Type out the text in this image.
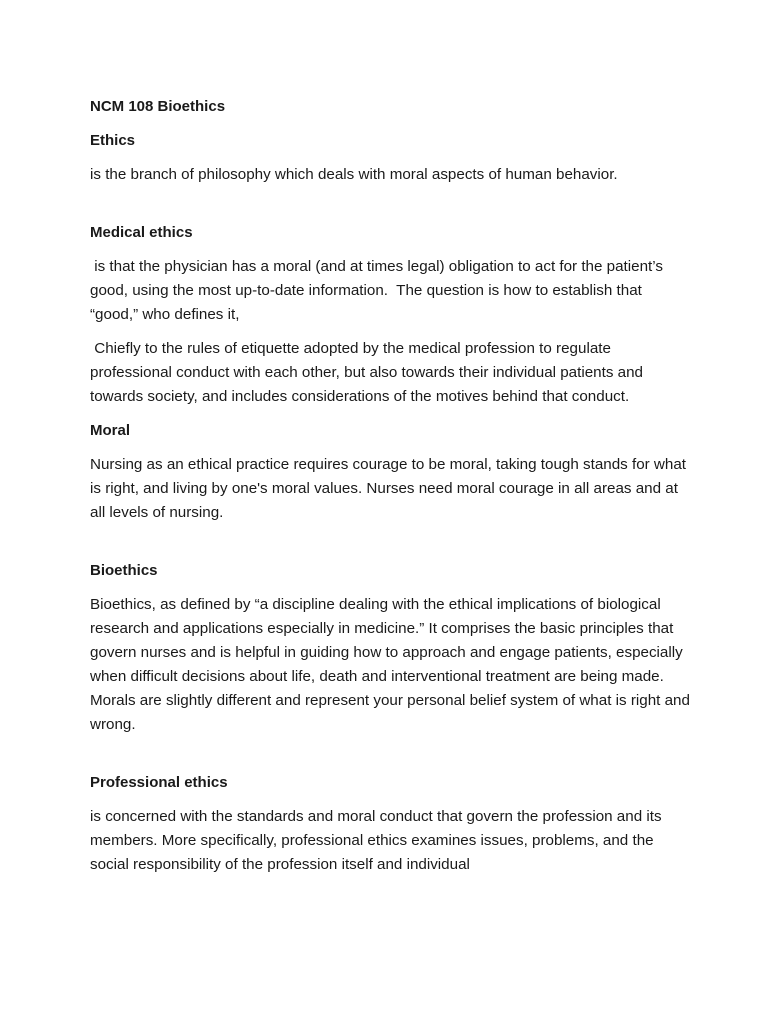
NCM 108 Bioethics

Ethics

is the branch of philosophy which deals with moral aspects of human behavior.

Medical ethics

is that the physician has a moral (and at times legal) obligation to act for the patient’s good, using the most up-to-date information.  The question is how to establish that “good,” who defines it,

Chiefly to the rules of etiquette adopted by the medical profession to regulate professional conduct with each other, but also towards their individual patients and towards society, and includes considerations of the motives behind that conduct.

Moral

Nursing as an ethical practice requires courage to be moral, taking tough stands for what is right, and living by one's moral values. Nurses need moral courage in all areas and at all levels of nursing.

Bioethics

Bioethics, as defined by “a discipline dealing with the ethical implications of biological research and applications especially in medicine.” It comprises the basic principles that govern nurses and is helpful in guiding how to approach and engage patients, especially when difficult decisions about life, death and interventional treatment are being made. Morals are slightly different and represent your personal belief system of what is right and wrong.

Professional ethics

is concerned with the standards and moral conduct that govern the profession and its members. More specifically, professional ethics examines issues, problems, and the social responsibility of the profession itself and individual
